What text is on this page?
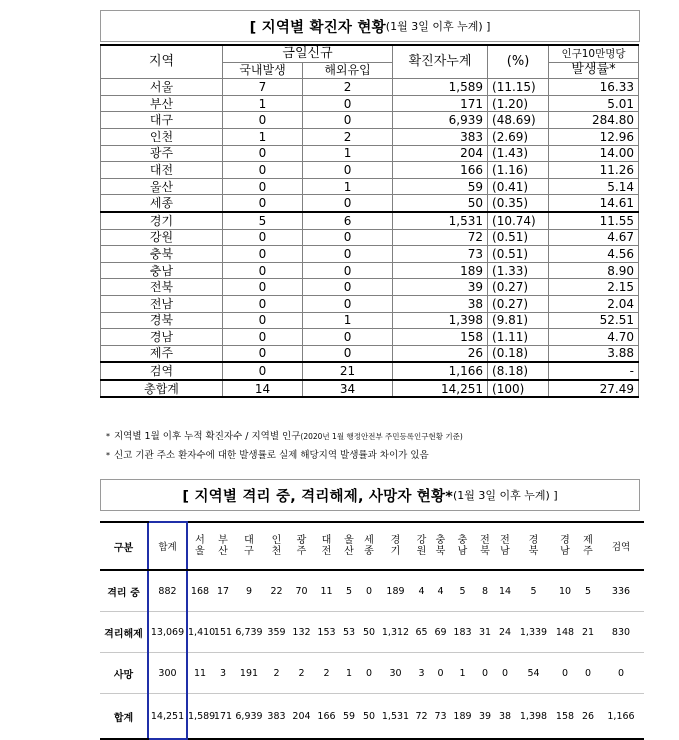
[ 지역별 확진자 현황 (1월 3일 이후 누계) ]
지역	금일신규		확진자누계	(%)	인구10만명당
	국내발생	해외유입			발생률*
서울	7	2	1,589	(11.15)	16.33
부산	1	0	171	(1.20)	5.01
대구	0	0	6,939	(48.69)	284.80
인천	1	2	383	(2.69)	12.96
광주	0	1	204	(1.43)	14.00
대전	0	0	166	(1.16)	11.26
울산	0	1	59	(0.41)	5.14
세종	0	0	50	(0.35)	14.61
경기	5	6	1,531	(10.74)	11.55
강원	0	0	72	(0.51)	4.67
충북	0	0	73	(0.51)	4.56
충남	0	0	189	(1.33)	8.90
전북	0	0	39	(0.27)	2.15
전남	0	0	38	(0.27)	2.04
경북	0	1	1,398	(9.81)	52.51
경남	0	0	158	(1.11)	4.70
제주	0	0	26	(0.18)	3.88
검역	0	21	1,166	(8.18)	-
총합계	14	34	14,251	(100)	27.49
* 지역별 1월 이후 누적 확진자수 / 지역별 인구(2020년 1월 행정안전부 주민등록인구현황 기준)
* 신고 기관 주소 환자수에 대한 발생률로 실제 해당지역 발생률과 차이가 있음
[ 지역별 격리 중, 격리해제, 사망자 현황* (1월 3일 이후 누계) ]
구분	합계	서울	부산	대구	인천	광주	대전	울산	세종	경기	강원	충북	충남	전북	전남	경북	경남	제주	검역
격리 중	882	168	17	9	22	70	11	5	0	189	4	4	5	8	14	5	10	5	336
격리해제	13,069	1,410	151	6,739	359	132	153	53	50	1,312	65	69	183	31	24	1,339	148	21	830
사망	300	11	3	191	2	2	2	1	0	30	3	0	1	0	0	54	0	0	0
합계	14,251	1,589	171	6,939	383	204	166	59	50	1,531	72	73	189	39	38	1,398	158	26	1,166
